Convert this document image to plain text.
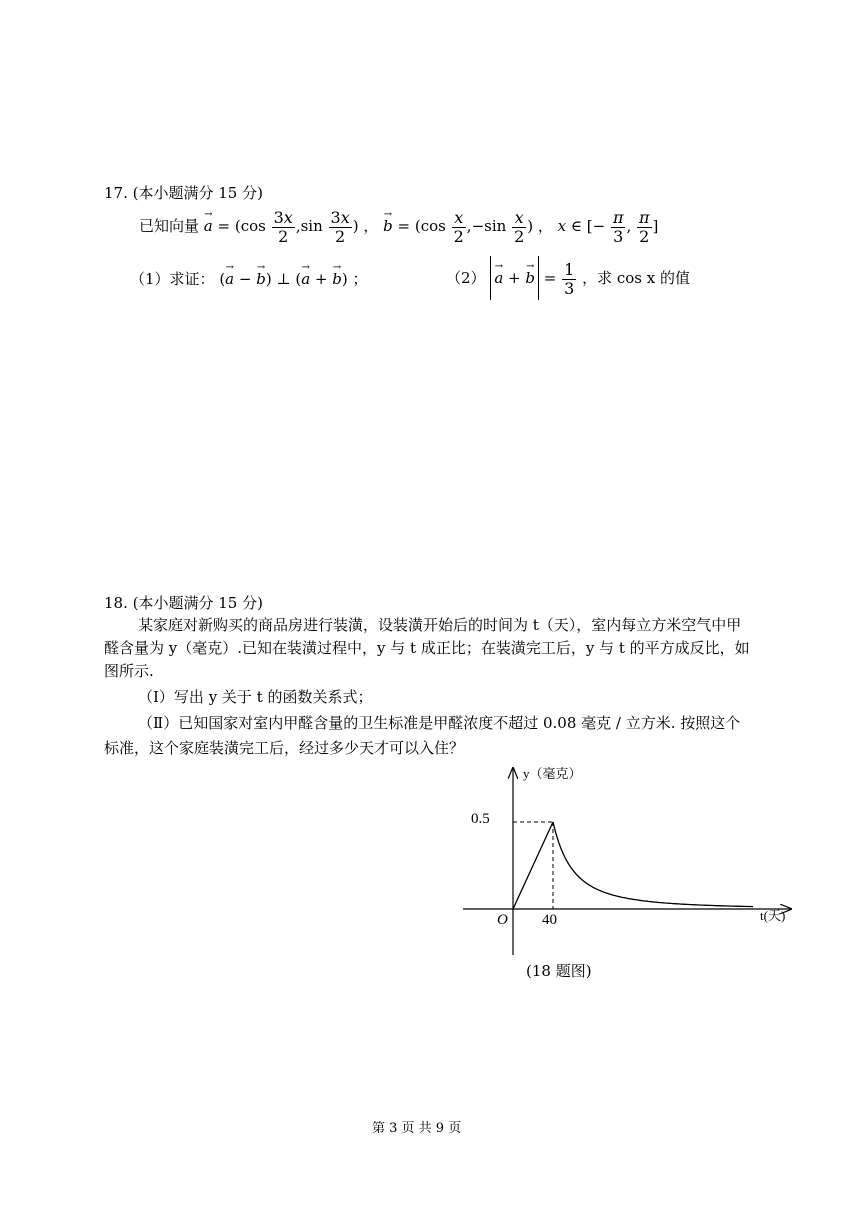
17. (本小题满分 15 分)
已知向量 → $a = (\cos \frac{3x}{2} ,\sin \frac{3x}{2}$ ) ， → $b = (\cos \frac{x}{2} ,-\sin \frac{x}{2}$ ) ， x ∈ [− $\frac{\pi}{3}$ , $\frac{\pi}{2}$ ]
（1）求证： (→ a − → b) ⊥ (→ a + → b) ；	（2） → a + → $b = \frac{1}{3}$ ，求 cos x 的值
18. (本小题满分 15 分)
某家庭对新购买的商品房进行装潢，设装潢开始后的时间为 t（天），室内每立方米空气中甲醛含量为 y（毫克）.已知在装潢过程中，y 与 t 成正比；在装潢完工后，y 与 t 的平方成反比，如图所示.
（Ⅰ）写出 y 关于 t 的函数关系式；
（Ⅱ）已知国家对室内甲醛含量的卫生标准是甲醛浓度不超过 0.08 毫克 / 立方米. 按照这个标准，这个家庭装潢完工后，经过多少天才可以入住？
0.5
40
O
y（毫克）
t(天)
(18 题图)
第 3 页 共 9 页
